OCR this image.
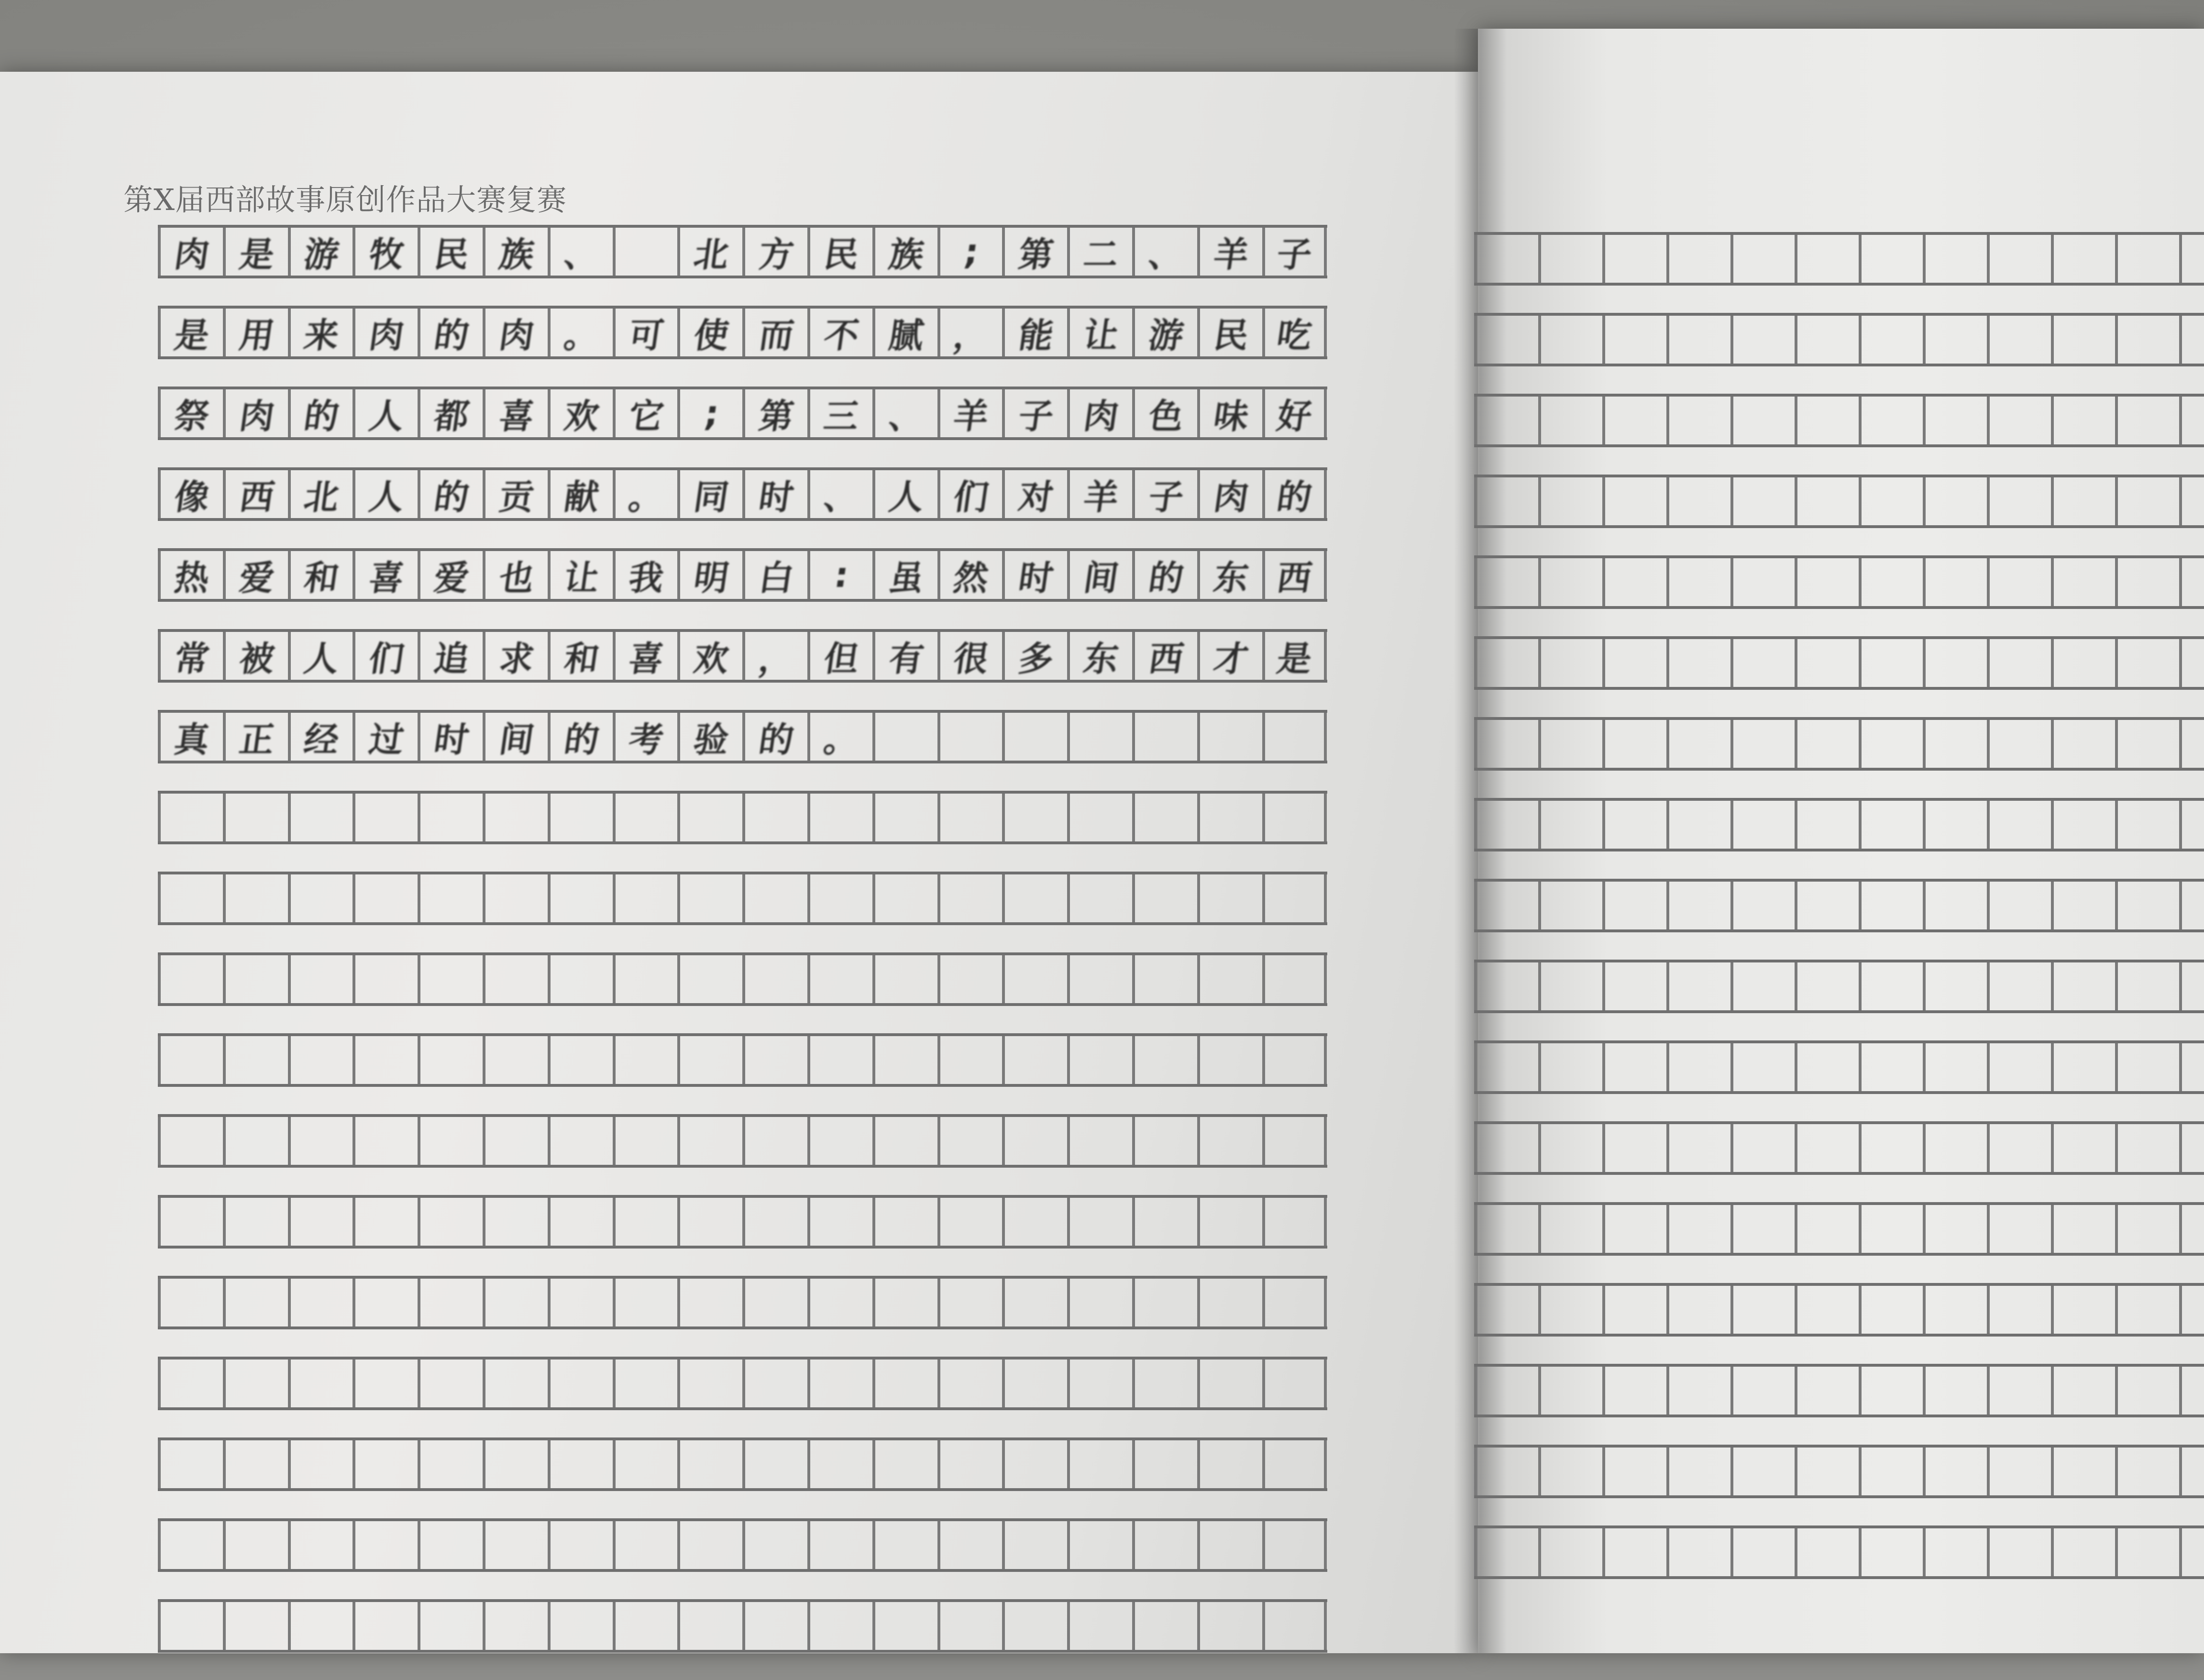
第X届西部故事原创作品大赛复赛
肉 是 游 牧 民 族 、	北 方 民 族 ; 第 二 、 羊 子
是 用 来 肉 的 肉 。 可 使 而 不 腻 ， 能 让 游 民 吃
祭 肉 的 人 都 喜 欢 它 ; 第 三 、 羊 子 肉 色 味 好
像 西 北 人 的 贡 献 。 同 时 、 人 们 对 羊 子 肉 的
热 爱 和 喜 爱 也 让 我 明 白 : 虽 然 时 间 的 东 西
常 被 人 们 追 求 和 喜 欢 ， 但 有 很 多 东 西 才 是
真 正 经 过 时 间 的 考 验 的 。
